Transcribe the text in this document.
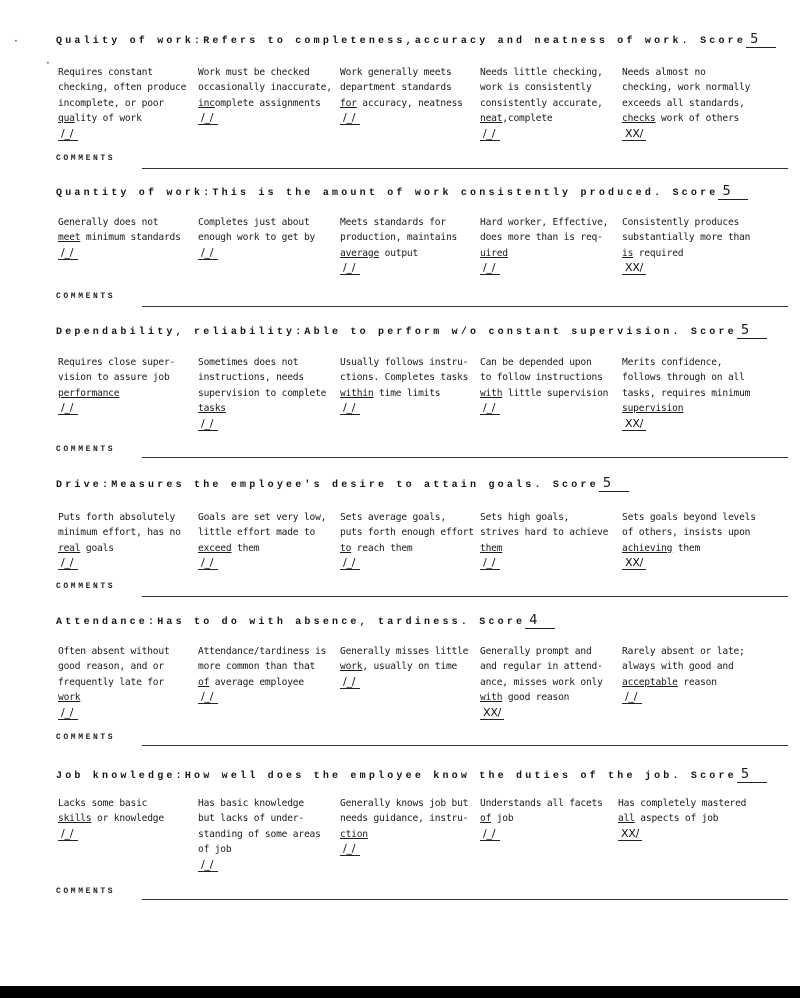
Quality of work:Refers to completeness,accuracy and neatness of work. Score 5

Requires constant
checking, often produce
incomplete, or poor
quality of work

/_/

Work must be checked
occasionally inaccurate,
incomplete assignments

/_/

Work generally meets
department standards
for accuracy, neatness

/_/

Needs little checking,
work is consistently
consistently accurate,
neat,complete

/_/

Needs almost no
checking, work normally
exceeds all standards,
checks work of others

XX/
COMMENTS
Quantity of work:This is the amount of work consistently produced. Score 5

Generally does not
meet minimum standards

/_/

Completes just about
enough work to get by

/_/

Meets standards for
production, maintains
average output

/_/

Hard worker, Effective,
does more than is req-
uired

/_/

Consistently produces
substantially more than
is required

XX/
COMMENTS
Dependability, reliability:Able to perform w/o constant supervision. Score 5

Requires close super-
vision to assure job
performance

/_/

Sometimes does not
instructions, needs
supervision to complete
tasks

/_/

Usually follows instru-
ctions. Completes tasks
within time limits

/_/

Can be depended upon
to follow instructions
with little supervision

/_/

Merits confidence,
follows through on all
tasks, requires minimum
supervision

XX/
COMMENTS
Drive:Measures the employee's desire to attain goals. Score 5

Puts forth absolutely
minimum effort, has no
real goals

/_/

Goals are set very low,
little effort made to
exceed them

/_/

Sets average goals,
puts forth enough effort
to reach them

/_/

Sets high goals,
strives hard to achieve
them

/_/

Sets goals beyond levels
of others, insists upon
achieving them

XX/
COMMENTS
Attendance:Has to do with absence, tardiness. Score 4

Often absent without
good reason, and or
frequently late for
work

/_/

Attendance/tardiness is
more common than that
of average employee

/_/

Generally misses little
work, usually on time

/_/

Generally prompt and
and regular in attend-
ance, misses work only
with good reason

XX/

Rarely absent or late;
always with good and
acceptable reason

/_/
COMMENTS
Job knowledge:How well does the employee know the duties of the job. Score 5

Lacks some basic
skills or knowledge

/_/

Has basic knowledge
but lacks of under-
standing of some areas
of job

/_/

Generally knows job but
needs guidance, instru-
ction

/_/

Understands all facets
of job

/_/

Has completely mastered
all aspects of job

XX/
COMMENTS
·
·
